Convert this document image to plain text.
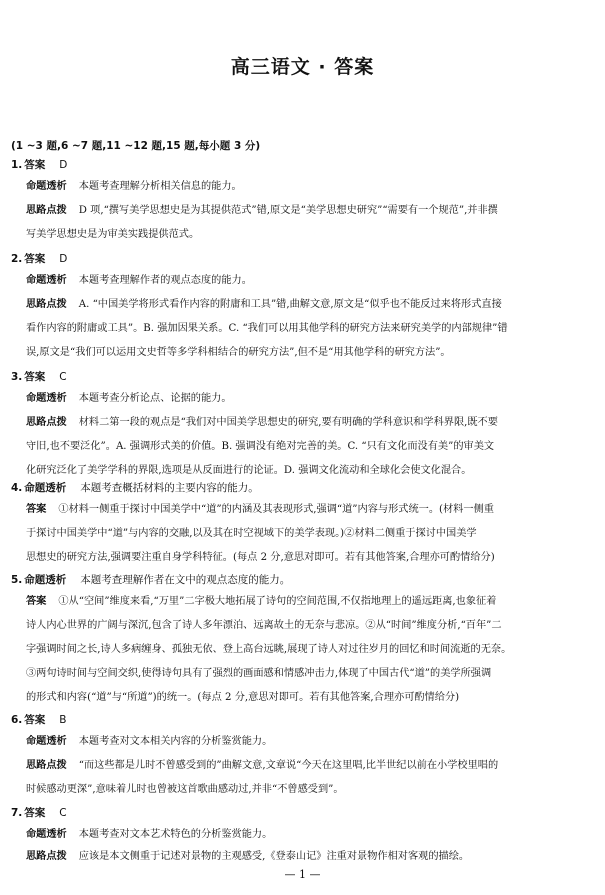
高三语文 · 答案
(1 ~3 题,6 ~7 题,11 ~12 题,15 题,每小题 3 分)
1. 答案 D
命题透析 本题考查理解分析相关信息的能力。
思路点拨 D 项,“撰写美学思想史是为其提供范式”错,原文是“美学思想史研究”“需要有一个规范”,并非撰
写美学思想史是为审美实践提供范式。
2. 答案 D
命题透析 本题考查理解作者的观点态度的能力。
思路点拨 A. “中国美学将形式看作内容的附庸和工具”错,曲解文意,原文是“似乎也不能反过来将形式直接
看作内容的附庸或工具”。B. 强加因果关系。C. “我们可以用其他学科的研究方法来研究美学的内部规律”错
误,原文是“我们可以运用文史哲等多学科相结合的研究方法”,但不是“用其他学科的研究方法”。
3. 答案 C
命题透析 本题考查分析论点、论据的能力。
思路点拨 材料二第一段的观点是“我们对中国美学思想史的研究,要有明确的学科意识和学科界限,既不要
守旧,也不要泛化”。A. 强调形式美的价值。B. 强调没有绝对完善的美。C. “只有文化而没有美”的审美文
化研究泛化了美学学科的界限,选项是从反面进行的论证。D. 强调文化流动和全球化会使文化混合。
4. 命题透析 本题考查概括材料的主要内容的能力。
答案 ①材料一侧重于探讨中国美学中“道”的内涵及其表现形式,强调“道”内容与形式统一。(材料一侧重
于探讨中国美学中“道”与内容的交融,以及其在时空视域下的美学表现。)②材料二侧重于探讨中国美学
思想史的研究方法,强调要注重自身学科特征。(每点 2 分,意思对即可。若有其他答案,合理亦可酌情给分)
5. 命题透析 本题考查理解作者在文中的观点态度的能力。
答案 ①从“空间”维度来看,“万里”二字极大地拓展了诗句的空间范围,不仅指地理上的遥远距离,也象征着
诗人内心世界的广阔与深沉,包含了诗人多年漂泊、远离故土的无奈与悲凉。②从“时间”维度分析,“百年”二
字强调时间之长,诗人多病缠身、孤独无依、登上高台远眺,展现了诗人对过往岁月的回忆和时间流逝的无奈。
③两句诗时间与空间交织,使得诗句具有了强烈的画面感和情感冲击力,体现了中国古代“道”的美学所强调
的形式和内容(“道”与“所道”)的统一。(每点 2 分,意思对即可。若有其他答案,合理亦可酌情给分)
6. 答案 B
命题透析 本题考查对文本相关内容的分析鉴赏能力。
思路点拨 “而这些都是儿时不曾感受到的”曲解文意,文章说“今天在这里唱,比半世纪以前在小学校里唱的
时候感动更深”,意味着儿时也曾被这首歌曲感动过,并非“不曾感受到”。
7. 答案 C
命题透析 本题考查对文本艺术特色的分析鉴赏能力。
思路点拨 应该是本文侧重于记述对景物的主观感受,《登泰山记》注重对景物作相对客观的描绘。
— 1 —
